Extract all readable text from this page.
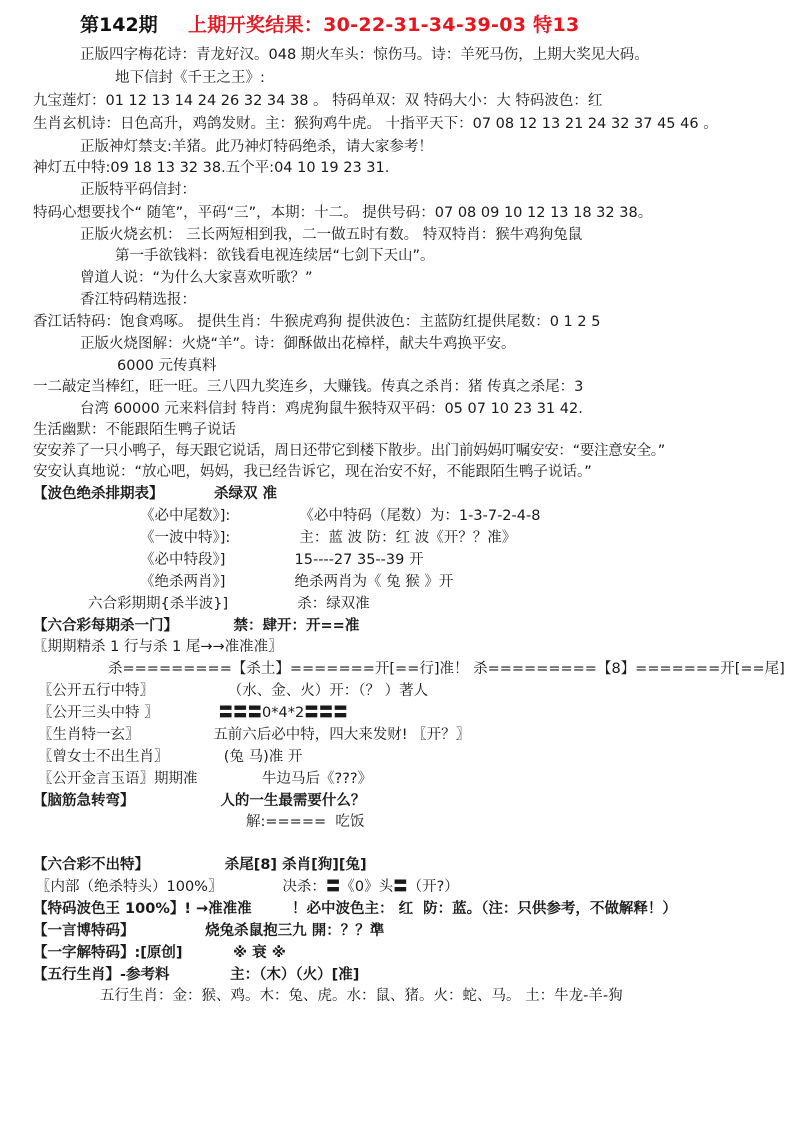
第142期 上期开奖结果：30-22-31-34-39-03 特13
正版四字梅花诗：青龙好汉。048 期火车头：惊伤马。诗：羊死马伤，上期大奖见大码。
地下信封《千王之王》:
九宝莲灯：01 12 13 14 24 26 32 34 38 。 特码单双：双 特码大小：大 特码波色：红
生肖玄机诗：日色高升，鸡鸽发财。主：猴狗鸡牛虎。 十指平天下：07 08 12 13 21 24 32 37 45 46 。
正版神灯禁支:羊猪。此乃神灯特码绝杀，请大家参考！
神灯五中特:09 18 13 32 38.五个平:04 10 19 23 31.
正版特平码信封：
特码心想要找个“ 随笔”，平码“三”，本期：十二。 提供号码：07 08 09 10 12 13 18 32 38。
正版火烧玄机： 三长两短相到我，二一做五时有数。 特双特肖：猴牛鸡狗兔鼠
第一手欲钱料：欲钱看电视连续居“七剑下天山”。
曾道人说：“为什么大家喜欢听歌？”
香江特码精选报：
香江话特码：饱食鸡啄。 提供生肖：牛猴虎鸡狗 提供波色：主蓝防红提供尾数：0 1 2 5
正版火烧图解：火烧“羊”。诗：御酥做出花樟样，献夫牛鸡换平安。
6000 元传真料
一二敲定当棒红，旺一旺。三八四九奖连乡，大赚钱。传真之杀肖：猪 传真之杀尾：3
台湾 60000 元来料信封 特肖：鸡虎狗鼠牛猴特双平码：05 07 10 23 31 42.
生活幽默：不能跟陌生鸭子说话
安安养了一只小鸭子，每天跟它说话，周日还带它到楼下散步。出门前妈妈叮嘱安安：“要注意安全。”
安安认真地说：“放心吧，妈妈，我已经告诉它，现在治安不好，不能跟陌生鸭子说话。”
【波色绝杀排期表】          杀绿双 准
《必中尾数》]:               《必中特码（尾数）为：1-3-7-2-4-8
《一波中特》]:               主：蓝 波 防：红 波《开？？准》
《必中特段》]               15----27 35--39 开
《绝杀两肖》]               绝杀两肖为《 兔 猴 》开
六合彩期期{杀半波}]               杀：绿双准
【六合彩每期杀一门】           禁：肆开：开==准
〖期期精杀 1 行与杀 1 尾→→准准准〗
杀=========【杀土】=======开[==行]准！ 杀=========【8】=======开[==尾]
〖公开五行中特〗                （水、金、火）开：（？ ）著人
〖公开三头中特 〗             〓〓〓0*4*2〓〓〓
〖生肖特一玄〗                五前六后必中特，四大来发财! 〖开？〗
〖曾女士不出生肖〗            (兔 马)准 开
〖公开金言玉语〗期期准              牛边马后《???》
【脑筋急转弯】                 人的一生最需要什么？
解:=====  吃饭
【六合彩不出特】               杀尾[8] 杀肖[狗][兔]
〖内部（绝杀特头）100%〗             决杀：〓《0》头〓（开?）
【特码波色王 100%】! →准准准        ！必中波色主： 红  防：蓝。（注：只供参考，不做解释！）
【一言博特码】              烧兔杀鼠抱三九 開：？？準
【一字解特码】:[原创]          ※ 衰 ※
【五行生肖】-参考料            主：（木）（火）[准]
五行生肖：金：猴、鸡。木：兔、虎。水：鼠、猪。火：蛇、马。 土：牛龙-羊-狗
